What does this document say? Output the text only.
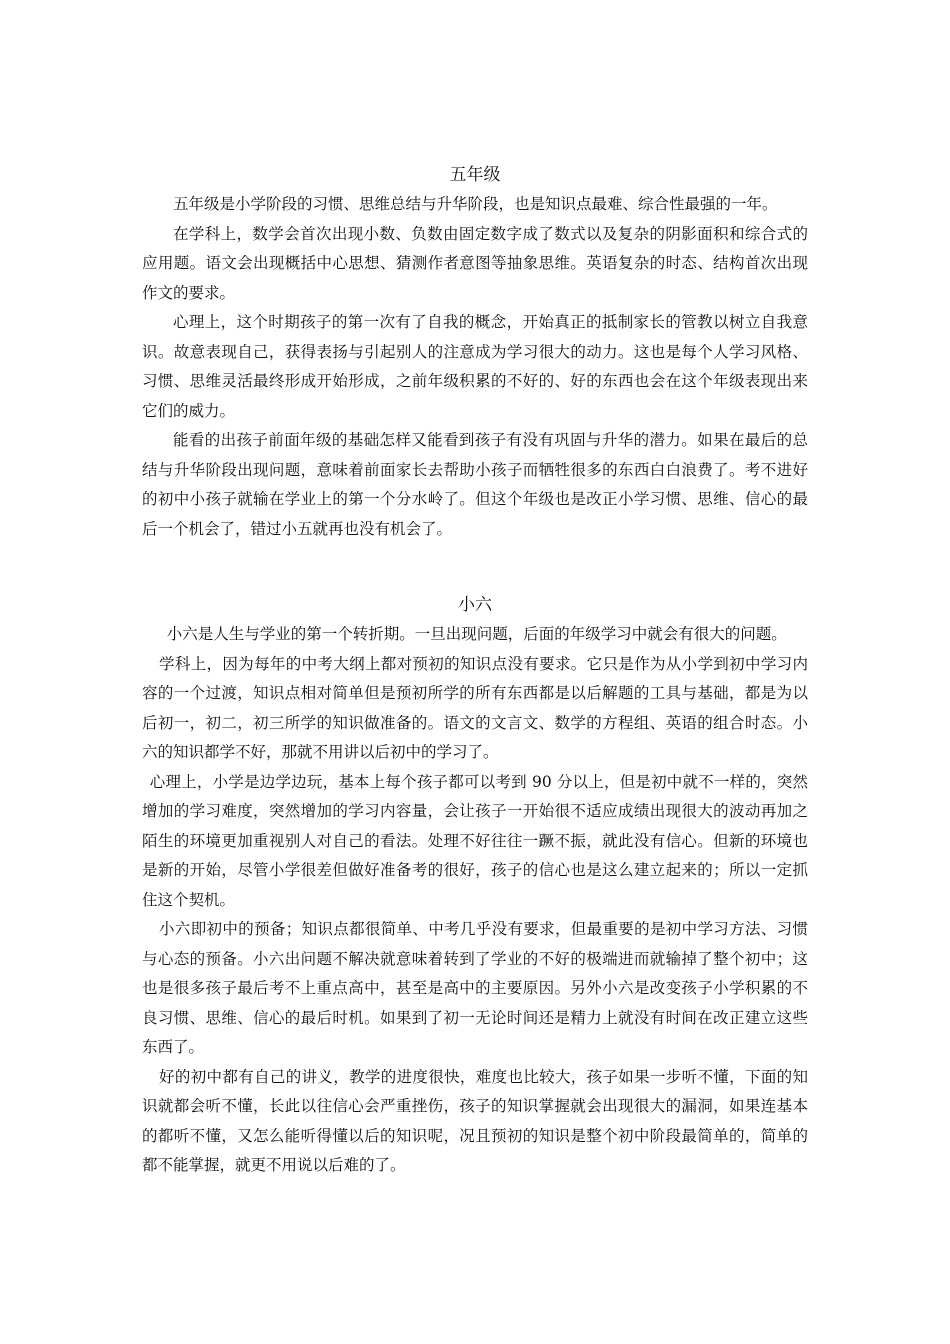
五年级

五年级是小学阶段的习惯、思维总结与升华阶段，也是知识点最难、综合性最强的一年。

在学科上，数学会首次出现小数、负数由固定数字成了数式以及复杂的阴影面积和综合式的应用题。语文会出现概括中心思想、猜测作者意图等抽象思维。英语复杂的时态、结构首次出现作文的要求。

心理上，这个时期孩子的第一次有了自我的概念，开始真正的抵制家长的管教以树立自我意识。故意表现自己，获得表扬与引起别人的注意成为学习很大的动力。这也是每个人学习风格、习惯、思维灵活最终形成开始形成，之前年级积累的不好的、好的东西也会在这个年级表现出来它们的威力。

能看的出孩子前面年级的基础怎样又能看到孩子有没有巩固与升华的潜力。如果在最后的总结与升华阶段出现问题，意味着前面家长去帮助小孩子而牺牲很多的东西白白浪费了。考不进好的初中小孩子就输在学业上的第一个分水岭了。但这个年级也是改正小学习惯、思维、信心的最后一个机会了，错过小五就再也没有机会了。

小六

小六是人生与学业的第一个转折期。一旦出现问题，后面的年级学习中就会有很大的问题。

学科上，因为每年的中考大纲上都对预初的知识点没有要求。它只是作为从小学到初中学习内容的一个过渡，知识点相对简单但是预初所学的所有东西都是以后解题的工具与基础，都是为以后初一，初二，初三所学的知识做准备的。语文的文言文、数学的方程组、英语的组合时态。小六的知识都学不好，那就不用讲以后初中的学习了。

心理上，小学是边学边玩，基本上每个孩子都可以考到 90 分以上，但是初中就不一样的，突然增加的学习难度，突然增加的学习内容量，会让孩子一开始很不适应成绩出现很大的波动再加之陌生的环境更加重视别人对自己的看法。处理不好往往一蹶不振，就此没有信心。但新的环境也是新的开始，尽管小学很差但做好准备考的很好，孩子的信心也是这么建立起来的；所以一定抓住这个契机。

小六即初中的预备；知识点都很简单、中考几乎没有要求，但最重要的是初中学习方法、习惯与心态的预备。小六出问题不解决就意味着转到了学业的不好的极端进而就输掉了整个初中；这也是很多孩子最后考不上重点高中，甚至是高中的主要原因。另外小六是改变孩子小学积累的不良习惯、思维、信心的最后时机。如果到了初一无论时间还是精力上就没有时间在改正建立这些东西了。

好的初中都有自己的讲义，教学的进度很快，难度也比较大，孩子如果一步听不懂，下面的知识就都会听不懂，长此以往信心会严重挫伤，孩子的知识掌握就会出现很大的漏洞，如果连基本的都听不懂，又怎么能听得懂以后的知识呢，况且预初的知识是整个初中阶段最简单的，简单的都不能掌握，就更不用说以后难的了。
